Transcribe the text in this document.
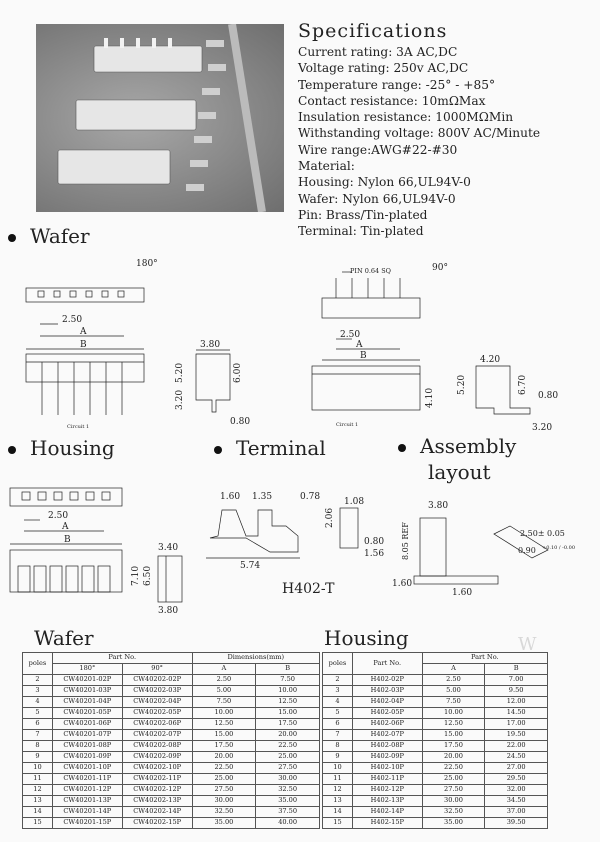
Specifications
Current rating: 3A AC,DC
Voltage rating: 250v AC,DC
Temperature range: -25° - +85°
Contact resistance: 10mΩMax
Insulation resistance: 1000MΩMin
Withstanding voltage: 800V AC/Minute
Wire range:AWG#22-#30
Material:
Housing: Nylon 66,UL94V-0
Wafer: Nylon 66,UL94V-0
Pin: Brass/Tin-plated
Terminal: Tin-plated
Wafer
Housing	Terminal	Assembly
layout
180°	90°
PIN 0.64 SQ
2.50
A
B
Circuit 1
3.80
5.20	6.00
3.20
0.80
2.50
A
B
4.10
Circuit 1
4.20
5.20	6.70
0.80
3.20
2.50
A
B
3.40
7.10 6.50
3.80
1.60 1.35	0.78	1.08
2.06
0.80
1.56
5.74
H402-T
3.80
8.05 REF	2.50± 0.05
0.90 +0.10 / -0.00
1.60
1.60
W
Wafer	Housing
poles	Part No.		Dimensions(mm)	
	180°	90°	A	B
2	CW40201-02P	CW40202-02P	2.50	7.50
3	CW40201-03P	CW40202-03P	5.00	10.00
4	CW40201-04P	CW40202-04P	7.50	12.50
5	CW40201-05P	CW40202-05P	10.00	15.00
6	CW40201-06P	CW40202-06P	12.50	17.50
7	CW40201-07P	CW40202-07P	15.00	20.00
8	CW40201-08P	CW40202-08P	17.50	22.50
9	CW40201-09P	CW40202-09P	20.00	25.00
10	CW40201-10P	CW40202-10P	22.50	27.50
11	CW40201-11P	CW40202-11P	25.00	30.00
12	CW40201-12P	CW40202-12P	27.50	32.50
13	CW40201-13P	CW40202-13P	30.00	35.00
14	CW40201-14P	CW40202-14P	32.50	37.50
15	CW40201-15P	CW40202-15P	35.00	40.00
poles	Part No.	Part No.	
		A	B
2	H402-02P	2.50	7.00
3	H402-03P	5.00	9.50
4	H402-04P	7.50	12.00
5	H402-05P	10.00	14.50
6	H402-06P	12.50	17.00
7	H402-07P	15.00	19.50
8	H402-08P	17.50	22.00
9	H402-09P	20.00	24.50
10	H402-10P	22.50	27.00
11	H402-11P	25.00	29.50
12	H402-12P	27.50	32.00
13	H402-13P	30.00	34.50
14	H402-14P	32.50	37.00
15	H402-15P	35.00	39.50
